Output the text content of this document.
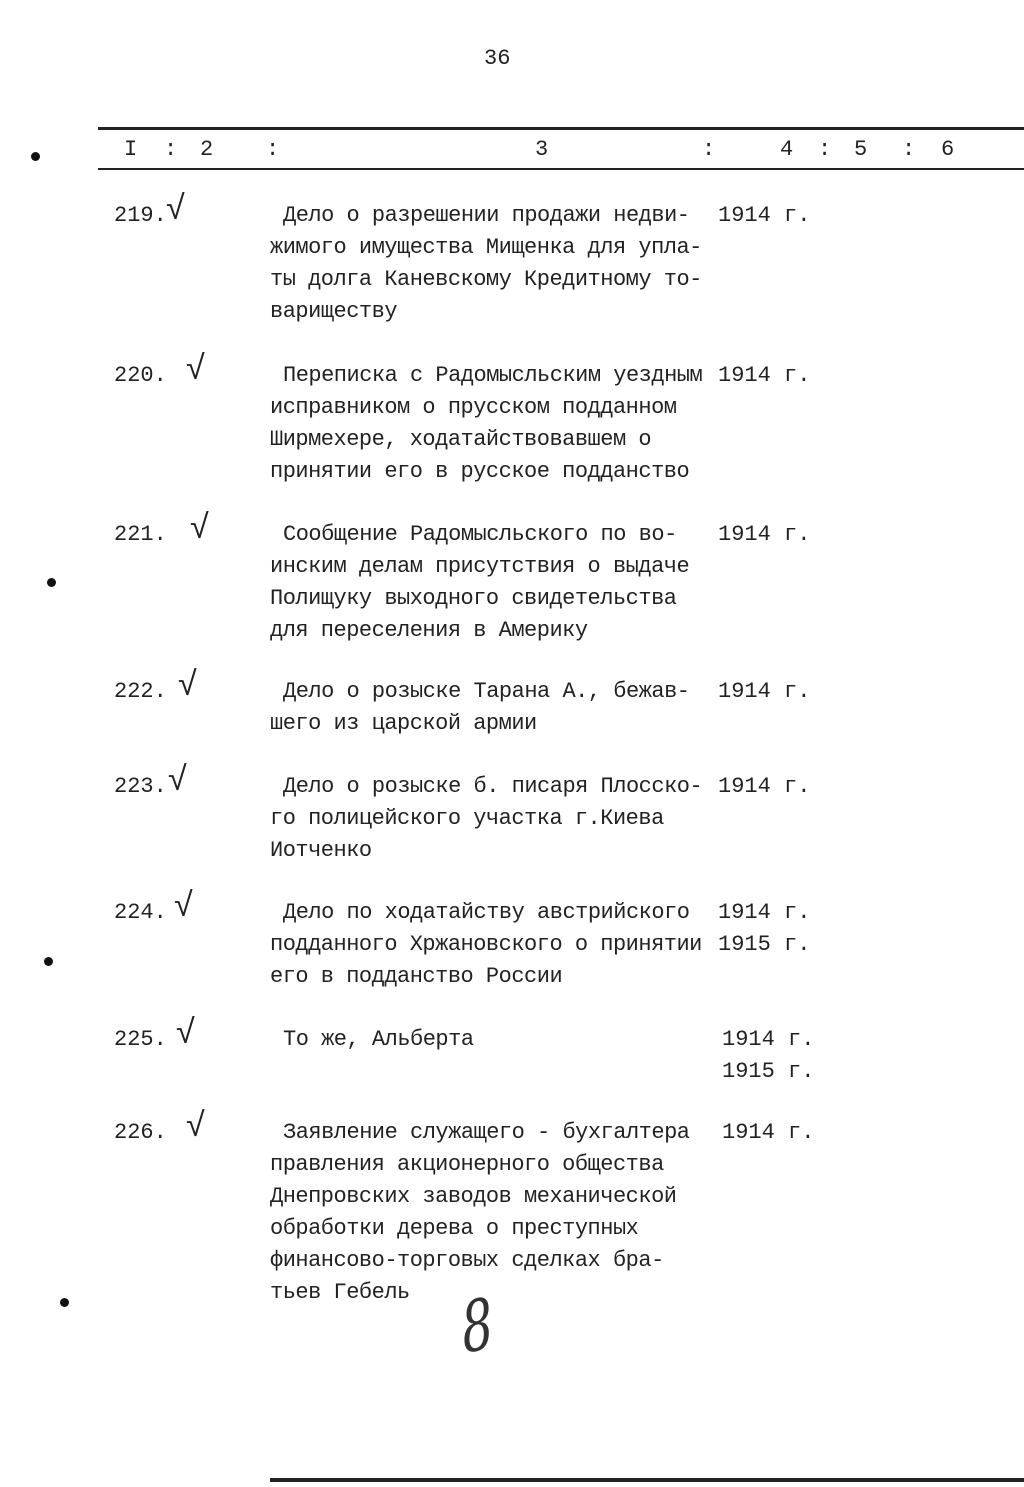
36
I : 2 :	3	:	4 : 5 : 6
219. √	Дело о разрешении продажи недви-
жимого имущества Мищенка для упла-
ты долга Каневскому Кредитному то-
вариществу
1914 г.
220. √	Переписка с Радомысльским уездным
исправником о прусском подданном
Ширмехере, ходатайствовавшем о
принятии его в русское подданство
1914 г.
221. √	Сообщение Радомысльского по во-
инским делам присутствия о выдаче
Полищуку выходного свидетельства
для переселения в Америку
1914 г.
222. √	Дело о розыске Тарана А., бежав-
шего из царской армии
1914 г.
223. √	Дело о розыске б. писаря Плосско-
го полицейского участка г.Киева
Иотченко
1914 г.
224. √	Дело по ходатайству австрийского
подданного Хржановского о принятии
его в подданство России
1914 г.
1915 г.
225. √	То же, Альберта	1914 г.
1915 г.
226. √	Заявление служащего - бухгалтера
правления акционерного общества
Днепровских заводов механической
обработки дерева о преступных
финансово-торговых сделках бра-
тьев Гебель
1914 г.
8
